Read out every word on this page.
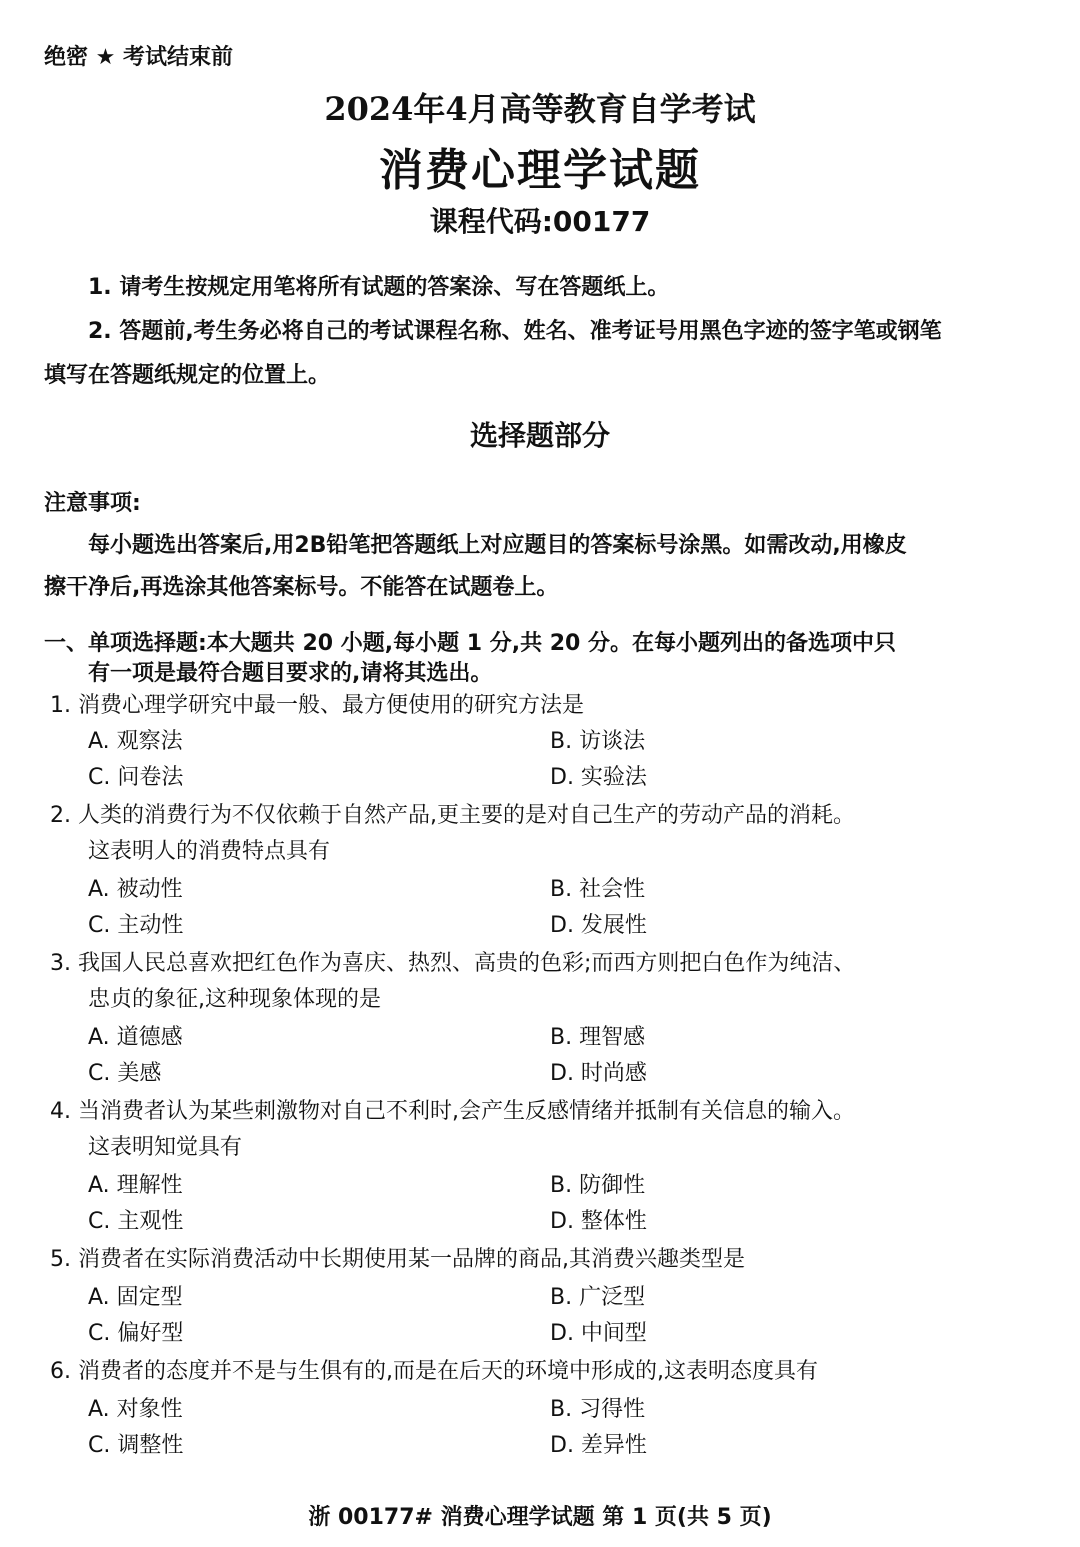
绝密 ★ 考试结束前
2024年4月高等教育自学考试
消费心理学试题
课程代码:00177
1. 请考生按规定用笔将所有试题的答案涂、写在答题纸上。
2. 答题前,考生务必将自己的考试课程名称、姓名、准考证号用黑色字迹的签字笔或钢笔
填写在答题纸规定的位置上。
选择题部分
注意事项:
每小题选出答案后,用2B铅笔把答题纸上对应题目的答案标号涂黑。如需改动,用橡皮
擦干净后,再选涂其他答案标号。不能答在试题卷上。
一、单项选择题:本大题共 20 小题,每小题 1 分,共 20 分。在每小题列出的备选项中只
有一项是最符合题目要求的,请将其选出。
1. 消费心理学研究中最一般、最方便使用的研究方法是
A. 观察法	B. 访谈法
C. 问卷法	D. 实验法
2. 人类的消费行为不仅依赖于自然产品,更主要的是对自己生产的劳动产品的消耗。
这表明人的消费特点具有
A. 被动性	B. 社会性
C. 主动性	D. 发展性
3. 我国人民总喜欢把红色作为喜庆、热烈、高贵的色彩;而西方则把白色作为纯洁、
忠贞的象征,这种现象体现的是
A. 道德感	B. 理智感
C. 美感	D. 时尚感
4. 当消费者认为某些刺激物对自己不利时,会产生反感情绪并抵制有关信息的输入。
这表明知觉具有
A. 理解性	B. 防御性
C. 主观性	D. 整体性
5. 消费者在实际消费活动中长期使用某一品牌的商品,其消费兴趣类型是
A. 固定型	B. 广泛型
C. 偏好型	D. 中间型
6. 消费者的态度并不是与生俱有的,而是在后天的环境中形成的,这表明态度具有
A. 对象性	B. 习得性
C. 调整性	D. 差异性
浙 00177# 消费心理学试题 第 1 页(共 5 页)
